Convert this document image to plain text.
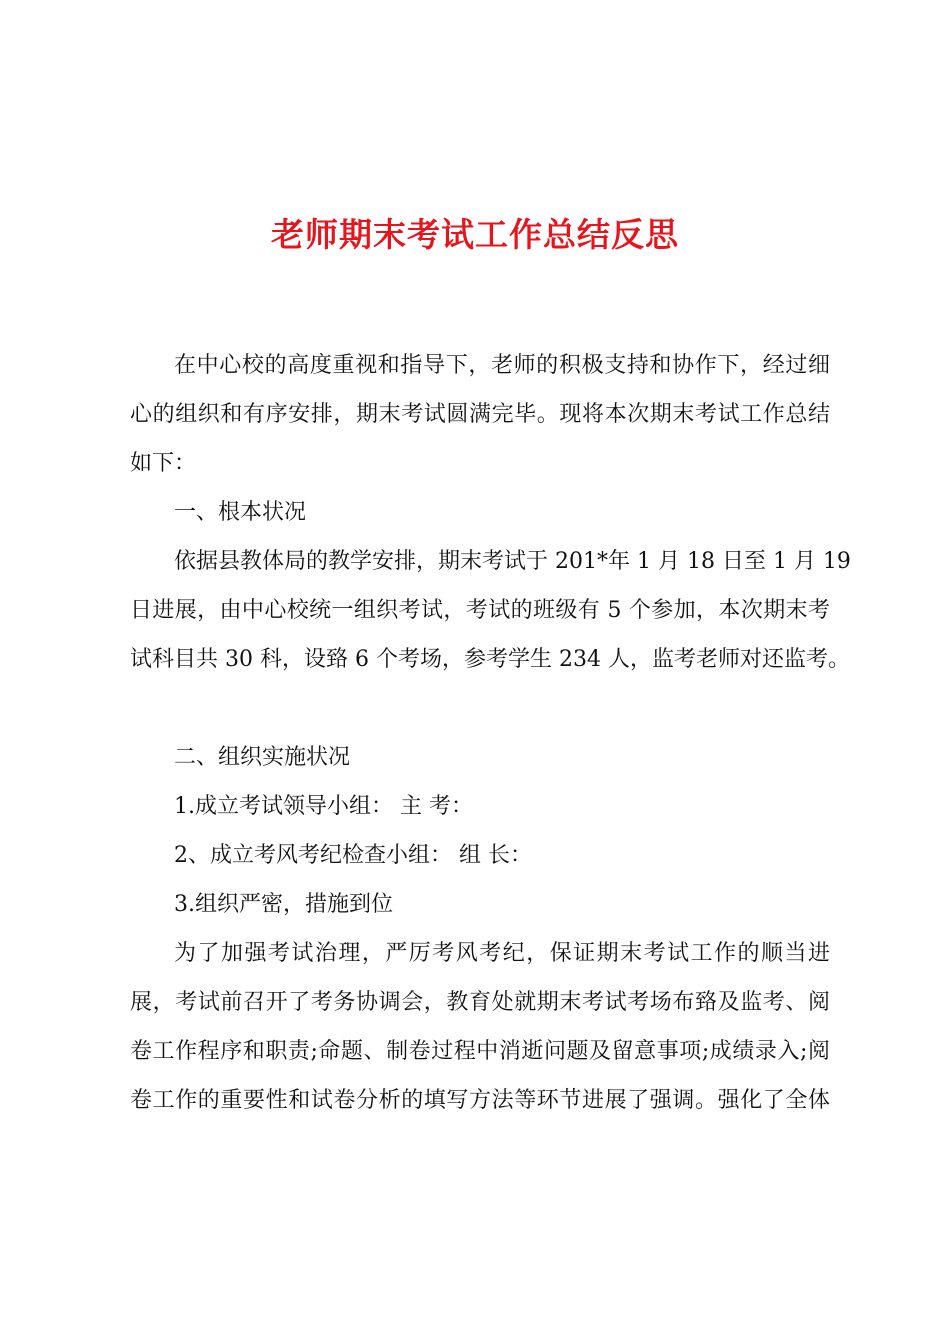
老师期末考试工作总结反思
在中心校的高度重视和指导下，老师的积极支持和协作下，经过细
心的组织和有序安排，期末考试圆满完毕。现将本次期末考试工作总结
如下：
一、根本状况
依据县教体局的教学安排，期末考试于 201*年 1 月 18 日至 1 月 19
日进展，由中心校统一组织考试，考试的班级有 5 个参加，本次期末考
试科目共 30 科，设臵 6 个考场，参考学生 234 人，监考老师对还监考。
二、组织实施状况
1.成立考试领导小组： 主 考：
2、成立考风考纪检查小组： 组 长：
3.组织严密，措施到位
为了加强考试治理，严厉考风考纪，保证期末考试工作的顺当进
展，考试前召开了考务协调会，教育处就期末考试考场布臵及监考、阅
卷工作程序和职责;命题、制卷过程中消逝问题及留意事项;成绩录入;阅
卷工作的重要性和试卷分析的填写方法等环节进展了强调。强化了全体
